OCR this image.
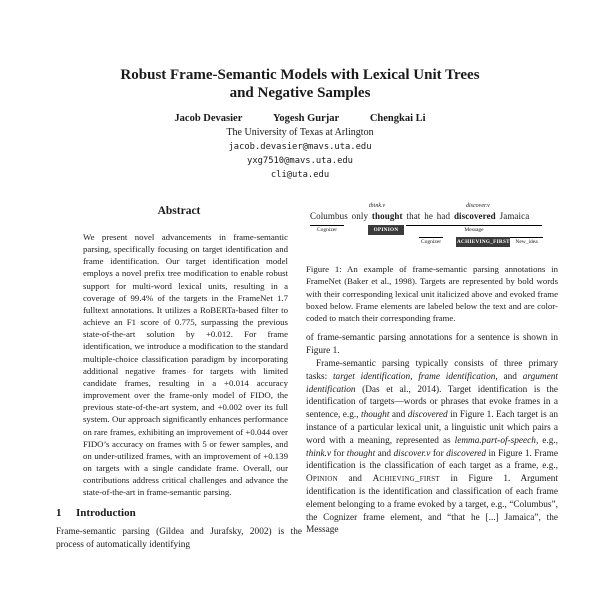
Robust Frame-Semantic Models with Lexical Unit Trees
and Negative Samples
Jacob Devasier	Yogesh Gurjar	Chengkai Li
The University of Texas at Arlington
jacob.devasier@mavs.uta.edu
yxg7510@mavs.uta.edu
cli@uta.edu
Abstract
We present novel advancements in frame-semantic parsing, specifically focusing on target identification and frame identification. Our target identification model employs a novel prefix tree modification to enable robust support for multi-word lexical units, resulting in a coverage of 99.4% of the targets in the FrameNet 1.7 fulltext annotations. It utilizes a RoBERTa-based filter to achieve an F1 score of 0.775, surpassing the previous state-of-the-art solution by +0.012. For frame identification, we introduce a modification to the standard multiple-choice classification paradigm by incorporating additional negative frames for targets with limited candidate frames, resulting in a +0.014 accuracy improvement over the frame-only model of FIDO, the previous state-of-the-art system, and +0.002 over its full system. Our approach significantly enhances performance on rare frames, exhibiting an improvement of +0.044 over FIDO’s accuracy on frames with 5 or fewer samples, and on under-utilized frames, with an improvement of +0.139 on targets with a single candidate frame. Overall, our contributions address critical challenges and advance the state-of-the-art in frame-semantic parsing.
1 Introduction
Frame-semantic parsing (Gildea and Jurafsky, 2002) is the process of automatically identifying
think.v	discover.v
Columbus only thought that he had discovered Jamaica
Cognizer	OPINION	Message
Cognizer	ACHIEVING_FIRST New_idea
Figure 1: An example of frame-semantic parsing annotations in FrameNet (Baker et al., 1998). Targets are represented by bold words with their corresponding lexical unit italicized above and evoked frame boxed below. Frame elements are labeled below the text and are color-coded to match their corresponding frame.
of frame-semantic parsing annotations for a sentence is shown in Figure 1.
Frame-semantic parsing typically consists of three primary tasks: target identification, frame identification, and argument identification (Das et al., 2014). Target identification is the identification of targets—words or phrases that evoke frames in a sentence, e.g., thought and discovered in Figure 1. Each target is an instance of a particular lexical unit, a linguistic unit which pairs a word with a meaning, represented as lemma.part-of-speech, e.g., think.v for thought and discover.v for discovered in Figure 1. Frame identification is the classification of each target as a frame, e.g., Opinion and Achieving_first in Figure 1. Argument identification is the identification and classification of each frame element belonging to a frame evoked by a target, e.g., “Columbus”, the Cognizer frame element, and “that he [...] Jamaica”, the Message
